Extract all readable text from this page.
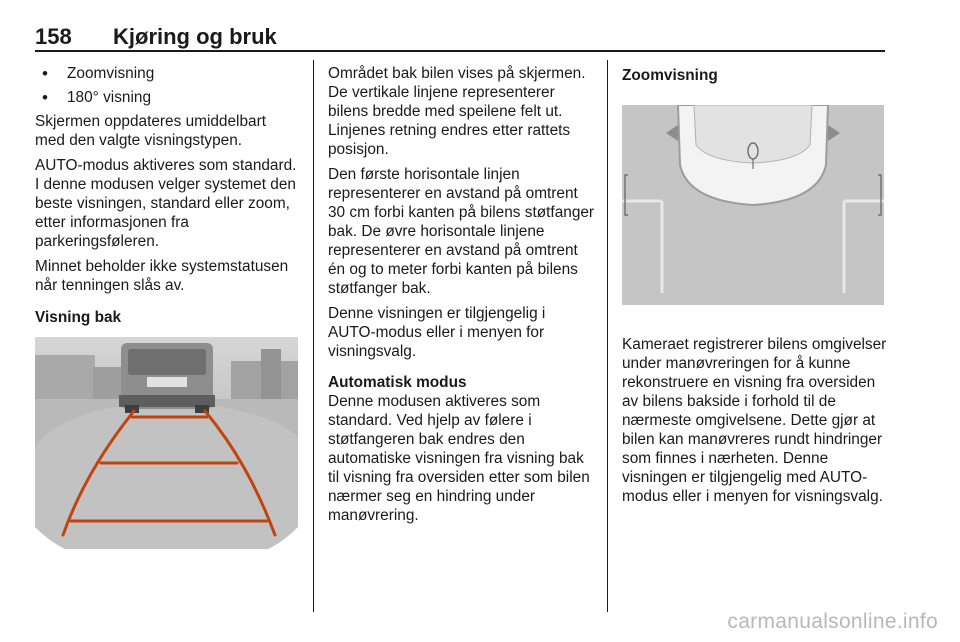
158 Kjøring og bruk
• Zoomvisning
• 180° visning

Skjermen oppdateres umiddelbart med den valgte visningstypen.

AUTO-modus aktiveres som standard. I denne modusen velger systemet den beste visningen, standard eller zoom, etter informasjonen fra parkeringsføleren.

Minnet beholder ikke systemstatusen når tenningen slås av.

Visning bak

Området bak bilen vises på skjermen. De vertikale linjene representerer bilens bredde med speilene felt ut. Linjenes retning endres etter rattets posisjon.

Den første horisontale linjen representerer en avstand på omtrent 30 cm forbi kanten på bilens støtfanger bak. De øvre horisontale linjene representerer en avstand på omtrent én og to meter forbi kanten på bilens støtfanger bak.

Denne visningen er tilgjengelig i AUTO-modus eller i menyen for visningsvalg.

Automatisk modus

Denne modusen aktiveres som standard. Ved hjelp av følere i støtfangeren bak endres den automatiske visningen fra visning bak til visning fra oversiden etter som bilen nærmer seg en hindring under manøvrering.

Zoomvisning

Kameraet registrerer bilens omgivelser under manøvreringen for å kunne rekonstruere en visning fra oversiden av bilens bakside i forhold til de nærmeste omgivelsene. Dette gjør at bilen kan manøvreres rundt hindringer som finnes i nærheten. Denne visningen er tilgjengelig med AUTO-modus eller i menyen for visningsvalg.

carmanualsonline.info
